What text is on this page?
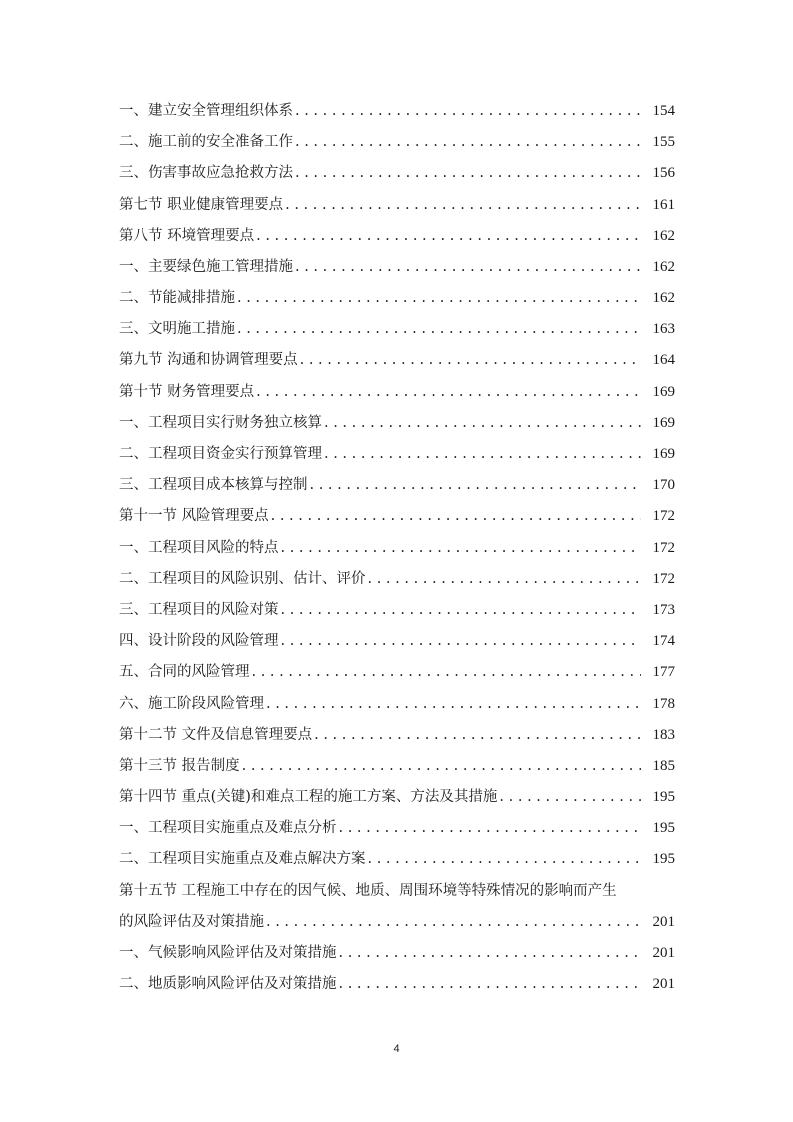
一、建立安全管理组织体系 . . .	154
二、施工前的安全准备工作 . . .	155
三、伤害事故应急抢救方法 . . .	156
第七节 职业健康管理要点 . . .	161
第八节 环境管理要点 . . .	162
一、主要绿色施工管理措施 . . .	162
二、节能减排措施 . . .	162
三、文明施工措施 . . .	163
第九节 沟通和协调管理要点 . . .	164
第十节 财务管理要点 . . .	169
一、工程项目实行财务独立核算 . . .	169
二、工程项目资金实行预算管理 . . .	169
三、工程项目成本核算与控制 . . .	170
第十一节 风险管理要点 . . .	172
一、工程项目风险的特点 . . .	172
二、工程项目的风险识别、估计、评价 . . .	172
三、工程项目的风险对策 . . .	173
四、设计阶段的风险管理 . . .	174
五、合同的风险管理 . . .	177
六、施工阶段风险管理 . . .	178
第十二节 文件及信息管理要点 . . .	183
第十三节 报告制度 . . .	185
第十四节 重点(关键)和难点工程的施工方案、方法及其措施 . . .	195
一、工程项目实施重点及难点分析 . . .	195
二、工程项目实施重点及难点解决方案 . . .	195
第十五节 工程施工中存在的因气候、地质、周围环境等特殊情况的影响而产生
的风险评估及对策措施 . . .	201
一、气候影响风险评估及对策措施 . . .	201
二、地质影响风险评估及对策措施 . . .	201
4
